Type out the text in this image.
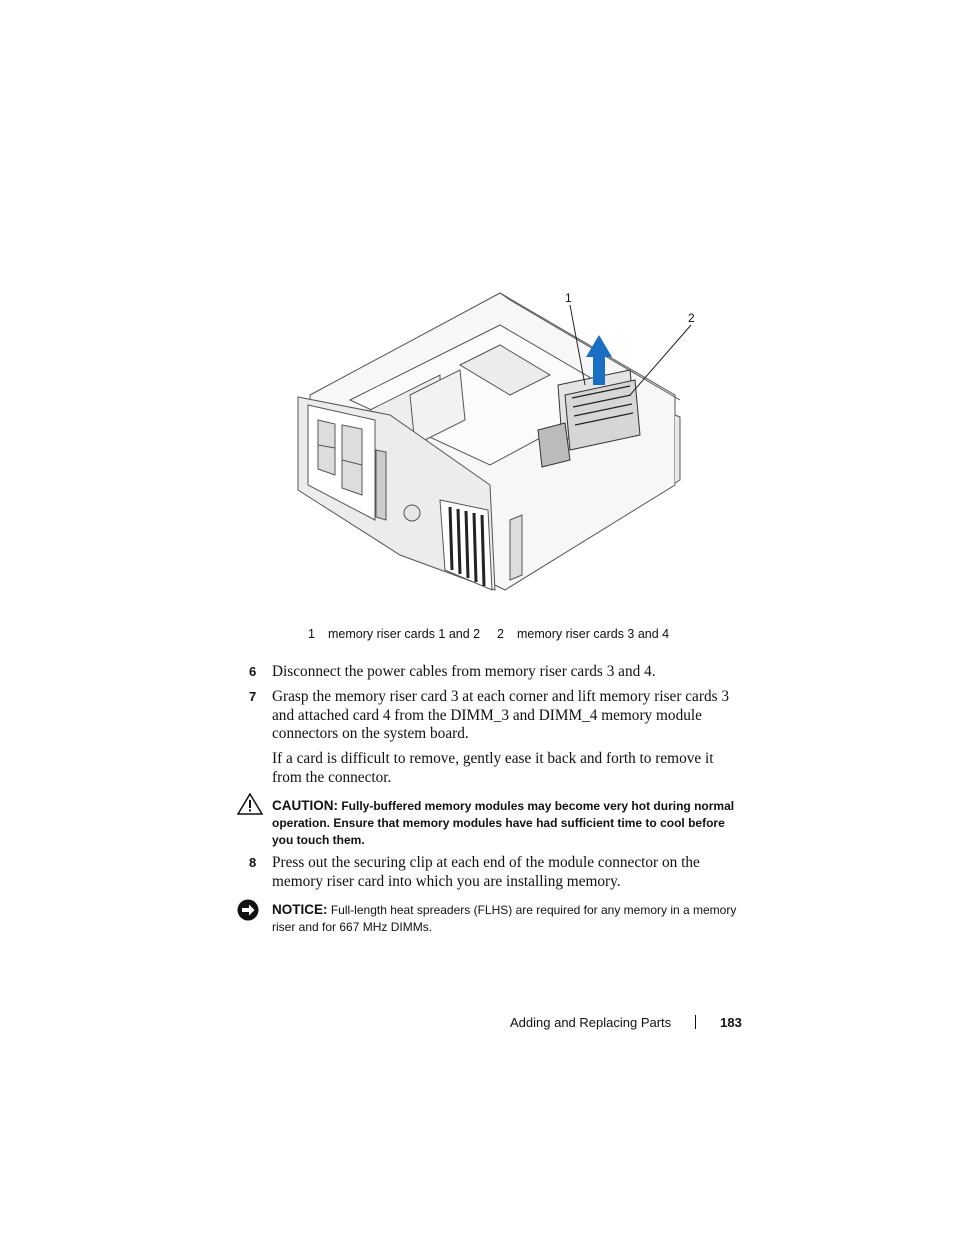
1
2
1 memory riser cards 1 and 2 2 memory riser cards 3 and 4
6 Disconnect the power cables from memory riser cards 3 and 4.
7 Grasp the memory riser card 3 at each corner and lift memory riser cards 3 and attached card 4 from the DIMM_3 and DIMM_4 memory module connectors on the system board.
If a card is difficult to remove, gently ease it back and forth to remove it from the connector.
CAUTION: Fully-buffered memory modules may become very hot during normal operation. Ensure that memory modules have had sufficient time to cool before you touch them.
8 Press out the securing clip at each end of the module connector on the memory riser card into which you are installing memory.
NOTICE: Full-length heat spreaders (FLHS) are required for any memory in a memory riser and for 667 MHz DIMMs.
Adding and Replacing Parts	183
